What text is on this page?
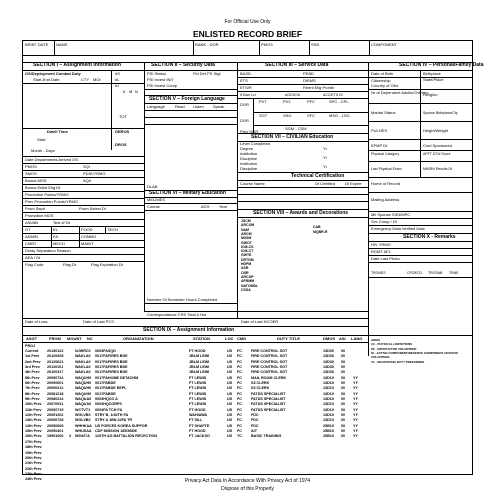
For Official Use Only
ENLISTED RECORD BRIEF
BRIEF DATE NAME	RANK - DOR	PMOS	SSN	COMPONENT
SECTION I – Assignment Information	SECTION II – Security Data	SECTION III – Service Data	SECTION IV – Personal/Family Data
OS/Deployment Combat Duty
Start-End Date	CTY MOI
#S
#L
#J
# M N
TOT
Dwell Time	DEROS
Start
DROS
Month - Days
Date Departments Arrived OS
PMOS	SQI
SMOS	PDSI/YRMO
Bonus MOS	AQ#
Bonus Enlist Elig Dt
Promotion Points/YRMO
Prev Promotion Points/YRMO
Prom Sep#	Prom Select Dt
Promotion MOS
ASI/AB	Test #/ Dt
GT	EL	FOOD	TECH
ADMIN	FA	COMBO
CMBT	MECH	MAINT
Delay Separation Reason
AEA / Dt
Flag Code	Flag Dt	Flag Expiration Dt
PSI Status
PSI Invest INIT
PSI Invest Comp
Fld Det PS Stgt
SECTION V – Foreign Language
Language	Read Listen Speak
BASD	PEBD
ETS	DIEMS
ETS/R	Reenl Elig Prohib
If Dsm Lvl	AGCM Dt	ACC/ETS Dt
DOR
PVT	PV2	PFC	SPC - CPL
SGT	SSG	SFC	MSG - 1SG
SGM - CSM
DOR
Prev DOR
SECTION VII – CIVILIAN Education
Level Completed
Degree	Yr
Institution
Yr
Discipline
Institution
Yr
Discipline
Technical Certification
Course Name	Dt Certified Dt Expire
DLAB
SECTION VI – Military Education
MELIMES
Course	ACH Year
Number Of Semester Hours Completed
SECTION VIII – Awards and Decorations
JSCM
ARCOM
NAM
ARCM
NDSM
GWOT
ICM-CS
ICM-CT
GWTE
DRTDM
HDPM
ASR
OSR
ARCOP
AFRMM
NATOMDL
CSSA
CAB
MQBR-R
Date of Birth	Birthplace
Citizenship	State/Place
Country of Citiz
Nr of Dependent Adults/Children
Religion
Marital Status	Spouse Birthplace/Cty
PULHES	Height/Weight
EFMP Dt	Cmd Sponsored
Physical Category	APFT DT/# Score
Last Physical Exam	MM/RN Results Dt
Home of Record
Mailing Address
Mil Spouse SSN/MPC
Svc Comp / Dt
Emergency Data Verified Date
SECTION X - Remarks
HIV YRMO
RGMT AFL
Date Last Photo
TRONES	CPOECD TRCRAB TRNE
Correspondence CRS Total # Hrs
Date of Loss	Date of Last PCS	Date of Last NCOER
SECTION IX – Assignment Information
AMOS
C2 - PHYSICAL LIMITATIONS
K5 - INSTRUCTOR VOLUNTEER
KI - ACTIVE COMPONENT/RESERVE COMPONENT ADVISOR
VOLUNTEER
V1 - RECRUITING DUTY PREFERRED
ASGT	FROM MOUNT NC	ORGANIZATION	STATION	LOC CMD	DUTY TITLE	DMOS ASI LANG
PROJ
Current 20130122	NJWRC0 0603FASQD	FT HOOD	US FC FIRE CONTROL SGT	13D30 00
1st Prev 20120925	WAKLA0 0017FAFIRES BDE	JBLM LEWI	US FC FIRE CONTROL SGT	13D30 00
2nd Prev 20120621	WAKLA0 0017FAFIRES BDE	JBLM LEWI	US FC FIRE CONTROL SGT	13D30 00
3rd Prev 20110101	WAKLA0 0017FAFIRES BDE	JBLM LEWI	US FC FIRE CONTROL SGT	13D30 00
4th Prev 20100317	WAKLA0 0017FAFIRES BDE	JBLM LEWI	US FC FIRE CONTROL SGT	13D30 00
5th Prev 20090724	WAQUH0 0017FAHOME DETACHM	FT LEWIS	US FC MAIL ROOM CLERK	13D10 00 YY
6th Prev 20090601	WAQUH0 0017FABDE	FT LEWIS	US FC S3 CLERK	13D10 00 YY
7th Prev 20090212	WAQUH0 0017FABDE REPL	FT LEWIS	US FC S3 CLERK	13D10 00 YY
8th Prev 20081218	WAQUH0 0017FABDE	FT LEWIS	US FC FATDS SPECIALIST	13D10 00 YY
9th Prev 20080214	WAQUA0 0003HQCO A	FT LEWIS	US FC FATDS SPECIALIST	13D10 00 YY
10th Prev 20070911	WAQUA0 0003HQCORPS	FT LEWIS	US FC FATDS SPECIALIST	13D10 00 YY
11th Prev 20060719	WCTVT1 0003FA TCH FA	FT HOOD	US FC FATDS SPECIALIST	13D10 00 YY
12th Prev 20051202	WGLVB0 STRY B, 1/40TH FA	WAHIAWA	US FC FDC	13D10 00 YY
13th Prev 20050728	WGLVB0 STRY A 1BN 22FA TR	FT SILL	US FC FDC	13D10 00 YY
14th Prev 20050608	WHHKAA US FORCES KOREA SUPPOR	FT SHAFTE	US FC FDC	25B10 00 YY
15th Prev 20050401	WHUSAA CDF MISSION 185GBDE	FT HOOD	US FC AIT	25B10 00 YY
16th Prev 19991006 3 W0U67A 120TH AG BATTALION RECECTION	FT JACKSO	US TC BASIC TRAINING	25B10 00 YY
17th Prev
18th Prev
19th Prev
20th Prev
21th Prev
22th Prev
23th Prev
24th Prev	Privacy Act Data In Accordance With Privacy Act of 1974
Dispose of this Properly
